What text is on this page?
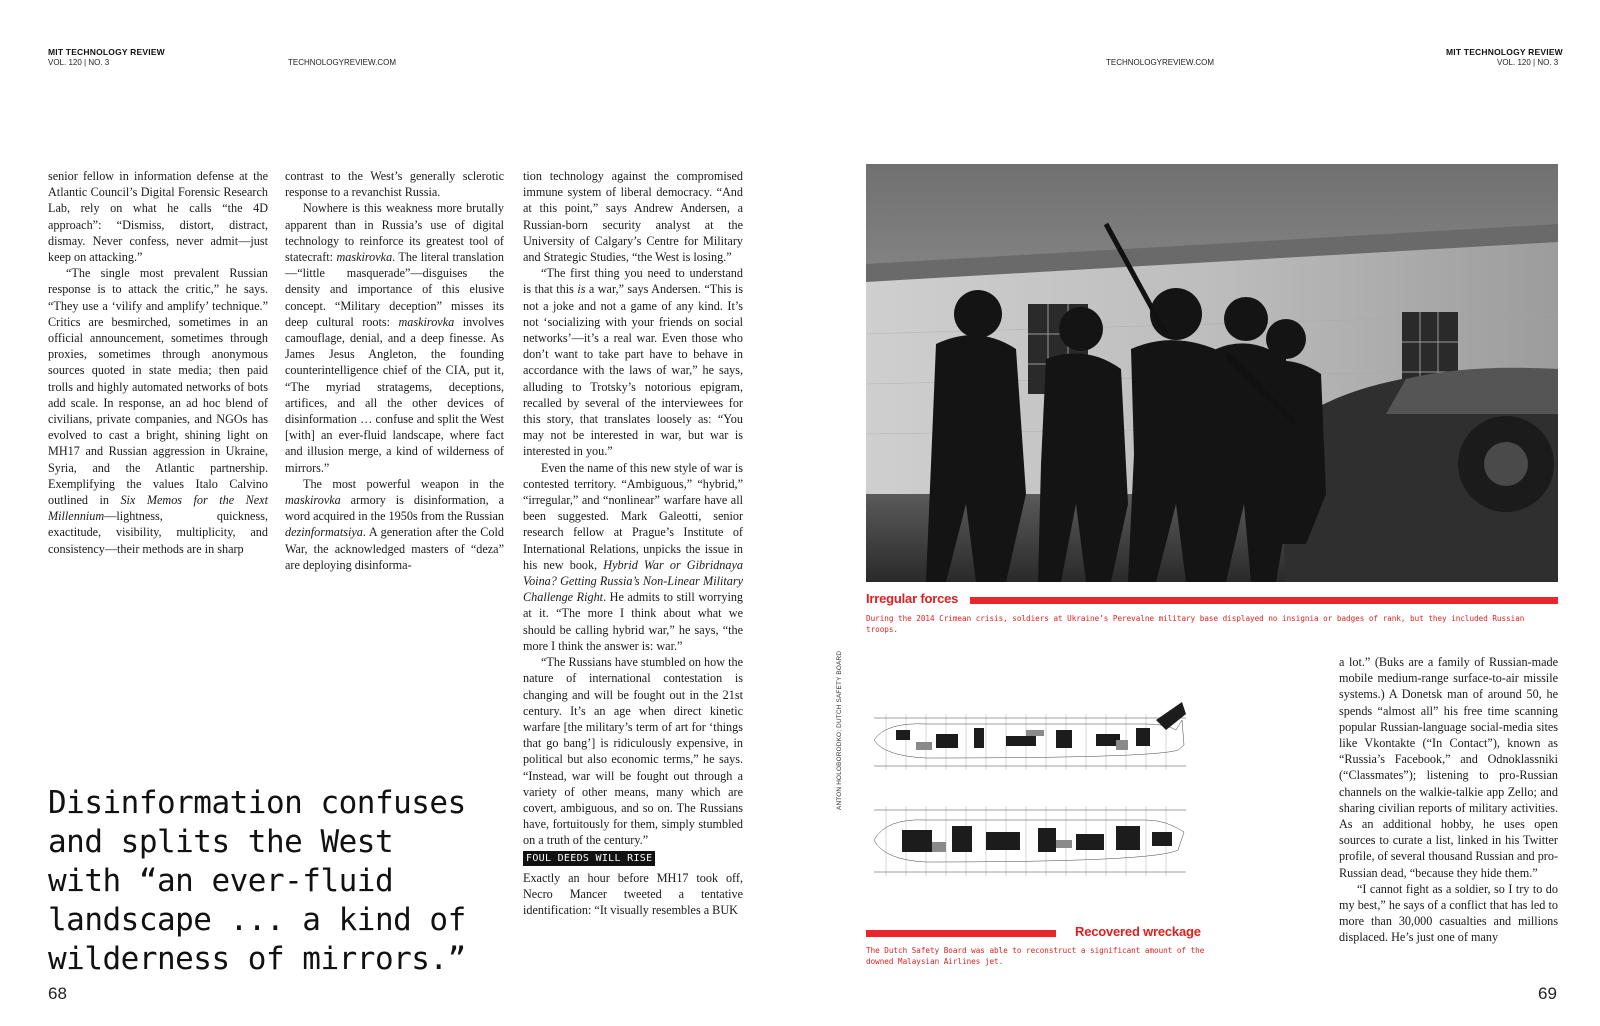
MIT TECHNOLOGY REVIEW
VOL. 120 | NO. 3	TECHNOLOGYREVIEW.COM	TECHNOLOGYREVIEW.COM
MIT TECHNOLOGY REVIEW
VOL. 120 | NO. 3

senior fellow in information defense at the Atlantic Council’s Digital Forensic Research Lab, rely on what he calls “the 4D approach”: “Dismiss, distort, distract, dismay. Never confess, never admit—just keep on attacking.”

“The single most prevalent Russian response is to attack the critic,” he says. “They use a ‘vilify and amplify’ technique.” Critics are besmirched, sometimes in an official announcement, sometimes through proxies, sometimes through anonymous sources quoted in state media; then paid trolls and highly automated networks of bots add scale. In response, an ad hoc blend of civilians, private companies, and NGOs has evolved to cast a bright, shining light on MH17 and Russian aggression in Ukraine, Syria, and the Atlantic partnership. Exemplifying the values Italo Calvino outlined in Six Memos for the Next Millennium—lightness, quickness, exactitude, visibility, multiplicity, and consistency—their methods are in sharp

contrast to the West’s generally sclerotic response to a revanchist Russia.

Nowhere is this weakness more brutally apparent than in Russia’s use of digital technology to reinforce its greatest tool of statecraft: maskirovka. The literal translation—“little masquerade”—disguises the density and importance of this elusive concept. “Military deception” misses its deep cultural roots: maskirovka involves camouflage, denial, and a deep finesse. As James Jesus Angleton, the founding counterintelligence chief of the CIA, put it, “The myriad stratagems, deceptions, artifices, and all the other devices of disinformation … confuse and split the West [with] an ever-fluid landscape, where fact and illusion merge, a kind of wilderness of mirrors.”

The most powerful weapon in the maskirovka armory is disinformation, a word acquired in the 1950s from the Russian dezinformatsiya. A generation after the Cold War, the acknowledged masters of “deza” are deploying disinforma-

tion technology against the compromised immune system of liberal democracy. “And at this point,” says Andrew Andersen, a Russian-born security analyst at the University of Calgary’s Centre for Military and Strategic Studies, “the West is losing.”

“The first thing you need to understand is that this is a war,” says Andersen. “This is not a joke and not a game of any kind. It’s not ‘socializing with your friends on social networks’—it’s a real war. Even those who don’t want to take part have to behave in accordance with the laws of war,” he says, alluding to Trotsky’s notorious epigram, recalled by several of the interviewees for this story, that translates loosely as: “You may not be interested in war, but war is interested in you.”

Even the name of this new style of war is contested territory. “Ambiguous,” “hybrid,” “irregular,” and “nonlinear” warfare have all been suggested. Mark Galeotti, senior research fellow at Prague’s Institute of International Relations, unpicks the issue in his new book, Hybrid War or Gibridnaya Voina? Getting Russia’s Non-Linear Military Challenge Right. He admits to still worrying at it. “The more I think about what we should be calling hybrid war,” he says, “the more I think the answer is: war.”

“The Russians have stumbled on how the nature of international contestation is changing and will be fought out in the 21st century. It’s an age when direct kinetic warfare [the military’s term of art for ‘things that go bang’] is ridiculously expensive, in political but also economic terms,” he says. “Instead, war will be fought out through a variety of other means, many which are covert, ambiguous, and so on. The Russians have, fortuitously for them, simply stumbled on a truth of the century.”

FOUL DEEDS WILL RISE

Exactly an hour before MH17 took off, Necro Mancer tweeted a tentative identification: “It visually resembles a BUK

Disinformation confuses and splits the West with “an ever-fluid landscape ... a kind of wilderness of mirrors.”
Irregular forces
During the 2014 Crimean crisis, soldiers at Ukraine’s Perevalne military base displayed no insignia or badges of rank, but they included Russian troops.
ANTON HOLOBORODKO; DUTCH SAFETY BOARD
Recovered wreckage
The Dutch Safety Board was able to reconstruct a significant amount of the downed Malaysian Airlines jet.

a lot.” (Buks are a family of Russian-made mobile medium-range surface-to-air missile systems.) A Donetsk man of around 50, he spends “almost all” his free time scanning popular Russian-language social-media sites like Vkontakte (“In Contact”), known as “Russia’s Facebook,” and Odnoklassniki (“Classmates”); listening to pro-Russian channels on the walkie-talkie app Zello; and sharing civilian reports of military activities. As an additional hobby, he uses open sources to curate a list, linked in his Twitter profile, of several thousand Russian and pro-Russian dead, “because they hide them.”

“I cannot fight as a soldier, so I try to do my best,” he says of a conflict that has led to more than 30,000 casualties and millions displaced. He’s just one of many

68	69
